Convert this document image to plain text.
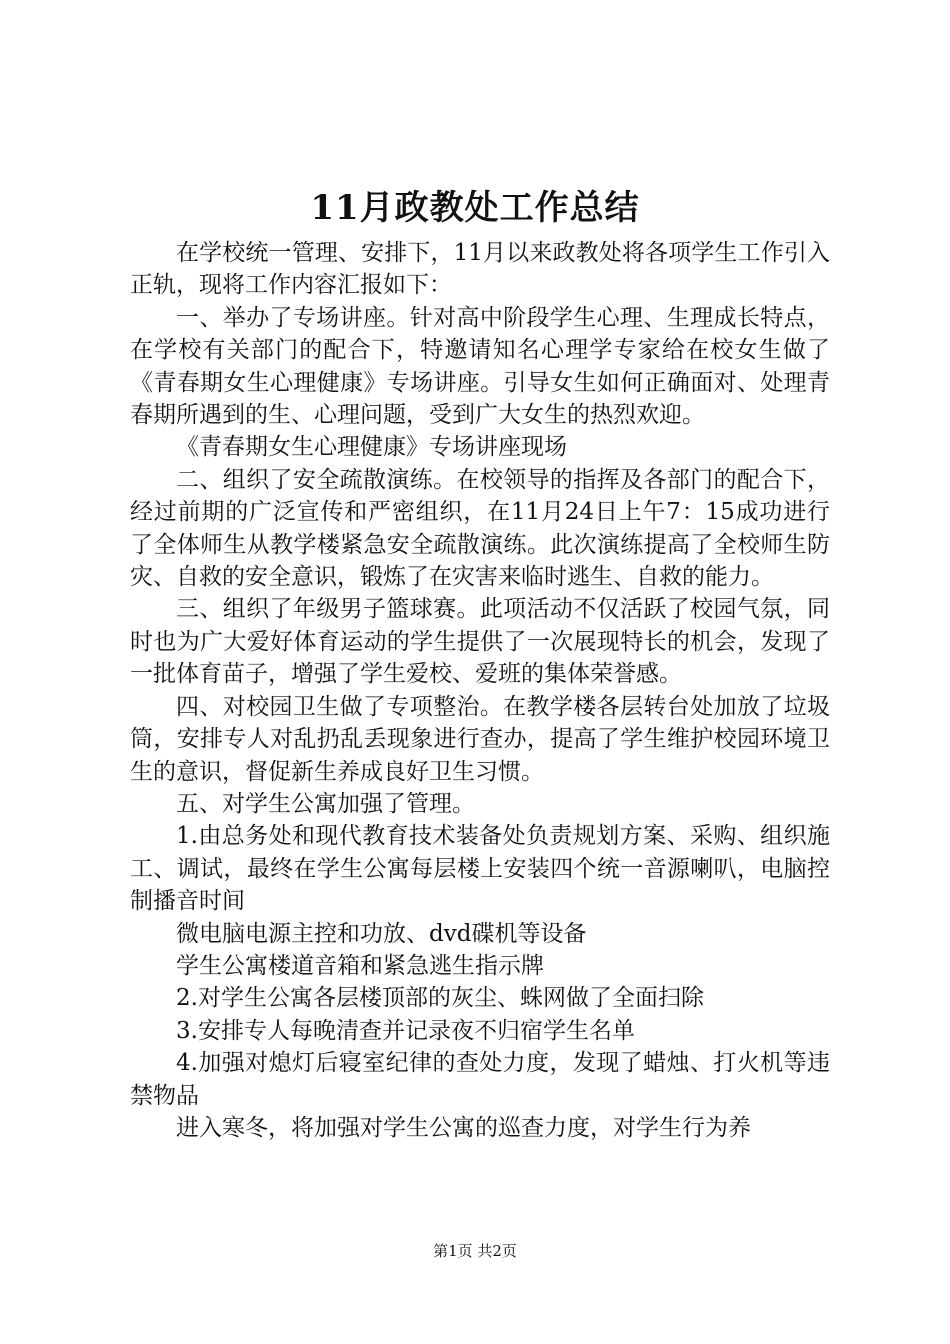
11月政教处工作总结

在学校统一管理、安排下，11月以来政教处将各项学生工作引入正轨，现将工作内容汇报如下：

一、举办了专场讲座。针对高中阶段学生心理、生理成长特点，在学校有关部门的配合下，特邀请知名心理学专家给在校女生做了《青春期女生心理健康》专场讲座。引导女生如何正确面对、处理青春期所遇到的生、心理问题，受到广大女生的热烈欢迎。

《青春期女生心理健康》专场讲座现场

二、组织了安全疏散演练。在校领导的指挥及各部门的配合下，经过前期的广泛宣传和严密组织，在11月24日上午7：15成功进行了全体师生从教学楼紧急安全疏散演练。此次演练提高了全校师生防灾、自救的安全意识，锻炼了在灾害来临时逃生、自救的能力。

三、组织了年级男子篮球赛。此项活动不仅活跃了校园气氛，同时也为广大爱好体育运动的学生提供了一次展现特长的机会，发现了一批体育苗子，增强了学生爱校、爱班的集体荣誉感。

四、对校园卫生做了专项整治。在教学楼各层转台处加放了垃圾筒，安排专人对乱扔乱丢现象进行查办，提高了学生维护校园环境卫生的意识，督促新生养成良好卫生习惯。

五、对学生公寓加强了管理。

1.由总务处和现代教育技术装备处负责规划方案、采购、组织施工、调试，最终在学生公寓每层楼上安装四个统一音源喇叭，电脑控制播音时间

微电脑电源主控和功放、dvd碟机等设备

学生公寓楼道音箱和紧急逃生指示牌

2.对学生公寓各层楼顶部的灰尘、蛛网做了全面扫除

3.安排专人每晚清查并记录夜不归宿学生名单

4.加强对熄灯后寝室纪律的查处力度，发现了蜡烛、打火机等违禁物品

进入寒冬，将加强对学生公寓的巡查力度，对学生行为养

第1页 共2页
